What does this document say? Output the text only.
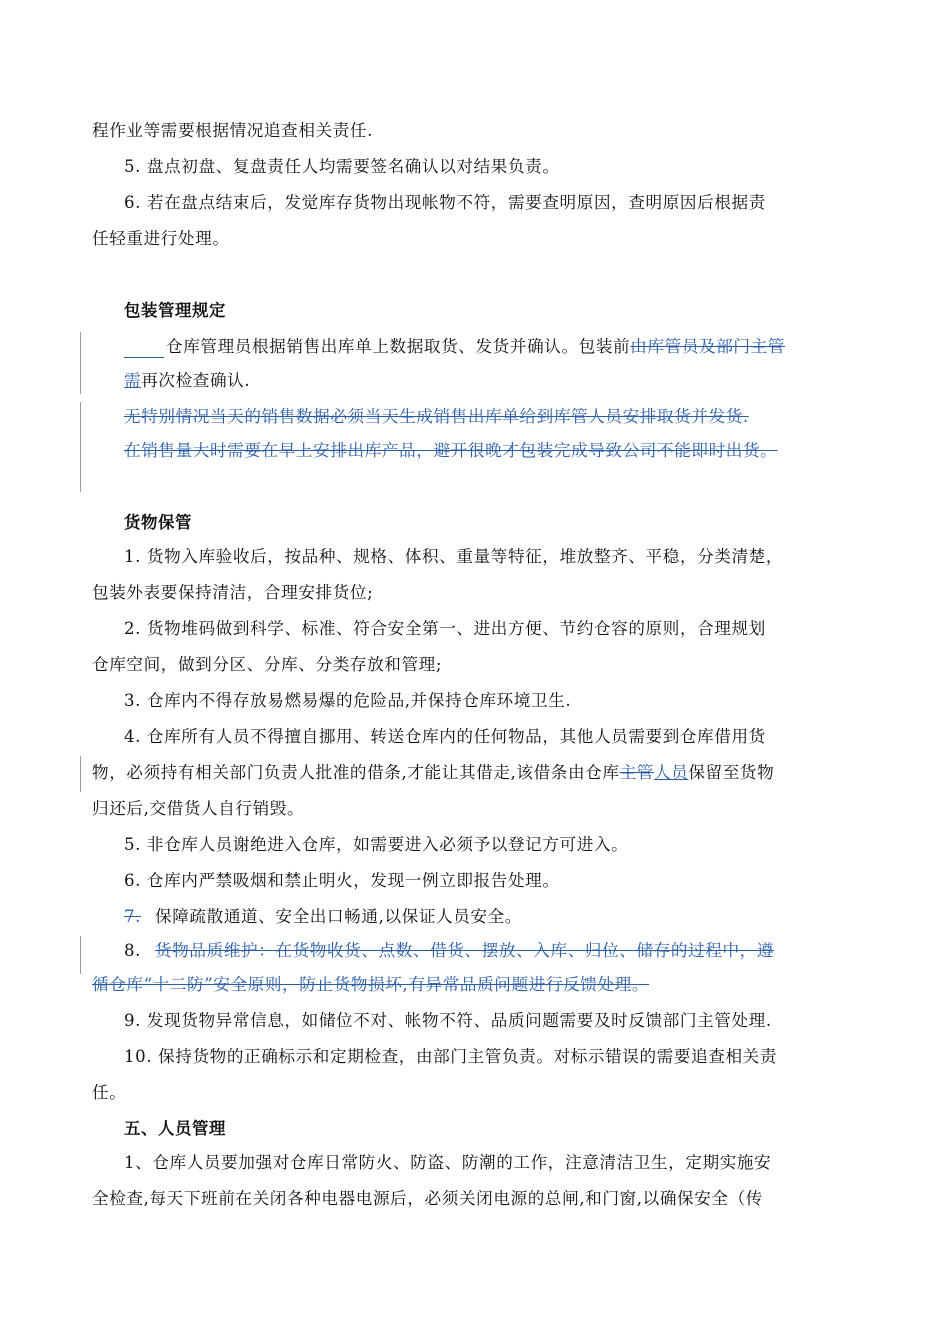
程作业等需要根据情况追查相关责任.
5. 盘点初盘、复盘责任人均需要签名确认以对结果负责。
6. 若在盘点结束后，发觉库存货物出现帐物不符，需要查明原因，查明原因后根据责
任轻重进行处理。
包装管理规定
仓库管理员根据销售出库单上数据取货、发货并确认。包装前由库管员及部门主管
需再次检查确认.
无特别情况当天的销售数据必须当天生成销售出库单给到库管人员安排取货并发货.
在销售量大时需要在早上安排出库产品，避开很晚才包装完成导致公司不能即时出货。
货物保管
1. 货物入库验收后，按品种、规格、体积、重量等特征，堆放整齐、平稳，分类清楚，
包装外表要保持清洁，合理安排货位;
2. 货物堆码做到科学、标准、符合安全第一、进出方便、节约仓容的原则，合理规划
仓库空间，做到分区、分库、分类存放和管理;
3. 仓库内不得存放易燃易爆的危险品,并保持仓库环境卫生.
4. 仓库所有人员不得擅自挪用、转送仓库内的任何物品，其他人员需要到仓库借用货
物，必须持有相关部门负责人批准的借条,才能让其借走,该借条由仓库主管人员保留至货物
归还后,交借货人自行销毁。
5. 非仓库人员谢绝进入仓库，如需要进入必须予以登记方可进入。
6. 仓库内严禁吸烟和禁止明火，发现一例立即报告处理。
7. 保障疏散通道、安全出口畅通,以保证人员安全。
8. 货物品质维护：在货物收货、点数、借货、摆放、入库、归位、储存的过程中，遵
循仓库“十二防”安全原则，防止货物损坏,有异常品质问题进行反馈处理。
9. 发现货物异常信息，如储位不对、帐物不符、品质问题需要及时反馈部门主管处理.
10. 保持货物的正确标示和定期检查，由部门主管负责。对标示错误的需要追查相关责
任。
五、人员管理
1、仓库人员要加强对仓库日常防火、防盗、防潮的工作，注意清洁卫生，定期实施安
全检查,每天下班前在关闭各种电器电源后，必须关闭电源的总闸,和门窗,以确保安全（传
